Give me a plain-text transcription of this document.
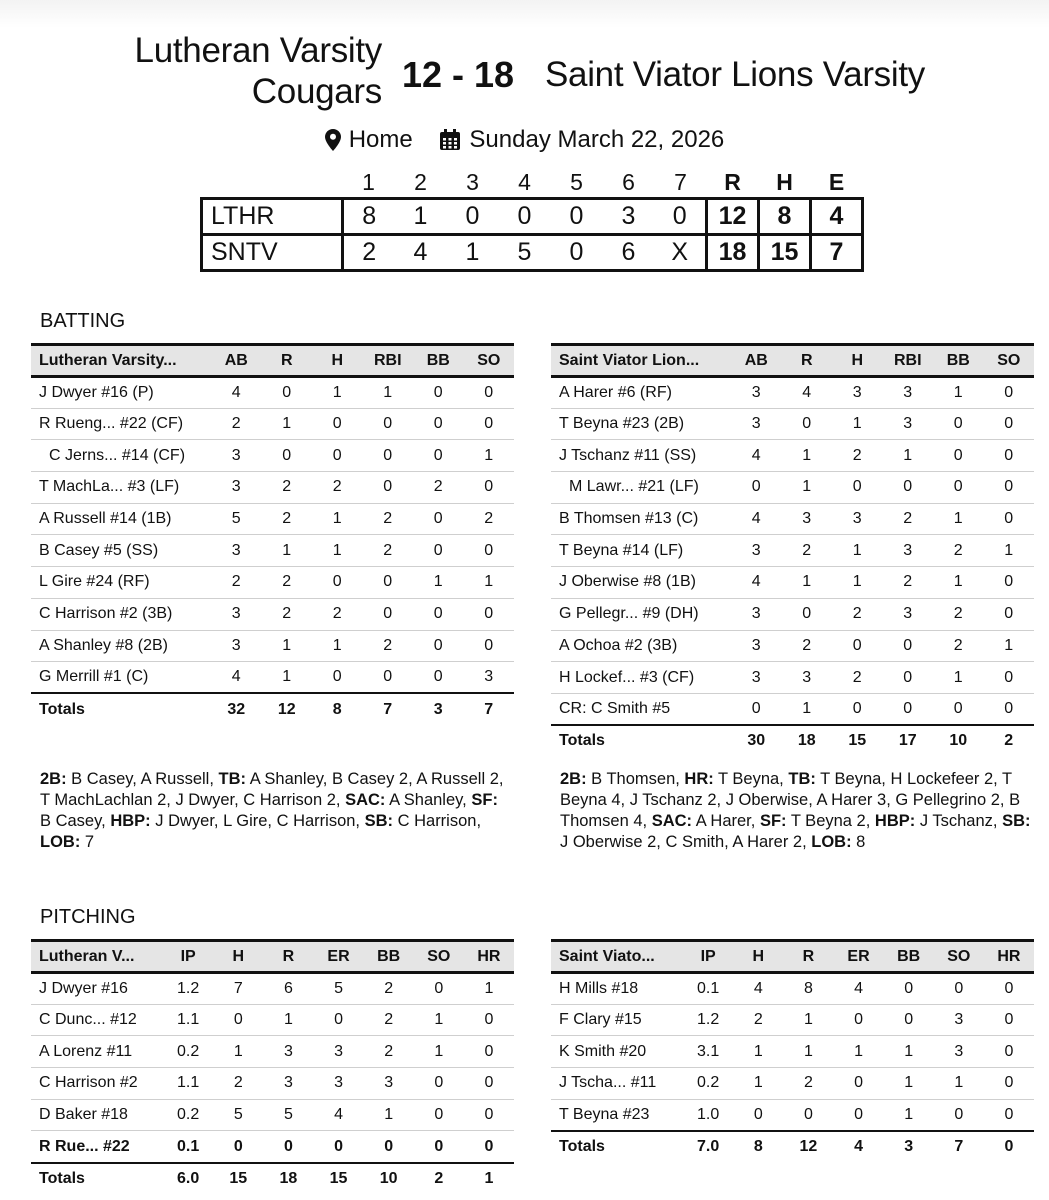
Lutheran Varsity Cougars 12 - 18 Saint Viator Lions Varsity
Home
Sunday March 22, 2026
	1	2	3	4	5	6	7	R	H	E
LTHR	8	1	0	0	0	3	0	12	8	4
SNTV	2	4	1	5	0	6	X	18	15	7
BATTING
Lutheran Varsity...	AB	R	H	RBI	BB	SO
J Dwyer #16 (P)	4	0	1	1	0	0
R Rueng... #22 (CF)	2	1	0	0	0	0
C Jerns... #14 (CF)	3	0	0	0	0	1
T MachLa... #3 (LF)	3	2	2	0	2	0
A Russell #14 (1B)	5	2	1	2	0	2
B Casey #5 (SS)	3	1	1	2	0	0
L Gire #24 (RF)	2	2	0	0	1	1
C Harrison #2 (3B)	3	2	2	0	0	0
A Shanley #8 (2B)	3	1	1	2	0	0
G Merrill #1 (C)	4	1	0	0	0	3
Totals	32	12	8	7	3	7
Saint Viator Lion...	AB	R	H	RBI	BB	SO
A Harer #6 (RF)	3	4	3	3	1	0
T Beyna #23 (2B)	3	0	1	3	0	0
J Tschanz #11 (SS)	4	1	2	1	0	0
M Lawr... #21 (LF)	0	1	0	0	0	0
B Thomsen #13 (C)	4	3	3	2	1	0
T Beyna #14 (LF)	3	2	1	3	2	1
J Oberwise #8 (1B)	4	1	1	2	1	0
G Pellegr... #9 (DH)	3	0	2	3	2	0
A Ochoa #2 (3B)	3	2	0	0	2	1
H Lockef... #3 (CF)	3	3	2	0	1	0
CR: C Smith #5	0	1	0	0	0	0
Totals	30	18	15	17	10	2
2B: B Casey, A Russell, TB: A Shanley, B Casey 2, A Russell 2, T MachLachlan 2, J Dwyer, C Harrison 2, SAC: A Shanley, SF: B Casey, HBP: J Dwyer, L Gire, C Harrison, SB: C Harrison, LOB: 7
2B: B Thomsen, HR: T Beyna, TB: T Beyna, H Lockefeer 2, T Beyna 4, J Tschanz 2, J Oberwise, A Harer 3, G Pellegrino 2, B Thomsen 4, SAC: A Harer, SF: T Beyna 2, HBP: J Tschanz, SB: J Oberwise 2, C Smith, A Harer 2, LOB: 8
PITCHING
Lutheran V...	IP	H	R	ER	BB	SO	HR
J Dwyer #16	1.2	7	6	5	2	0	1
C Dunc... #12	1.1	0	1	0	2	1	0
A Lorenz #11	0.2	1	3	3	2	1	0
C Harrison #2	1.1	2	3	3	3	0	0
D Baker #18	0.2	5	5	4	1	0	0
R Rue... #22	0.1	0	0	0	0	0	0
Totals	6.0	15	18	15	10	2	1
Saint Viato...	IP	H	R	ER	BB	SO	HR
H Mills #18	0.1	4	8	4	0	0	0
F Clary #15	1.2	2	1	0	0	3	0
K Smith #20	3.1	1	1	1	1	3	0
J Tscha... #11	0.2	1	2	0	1	1	0
T Beyna #23	1.0	0	0	0	1	0	0
Totals	7.0	8	12	4	3	7	0
